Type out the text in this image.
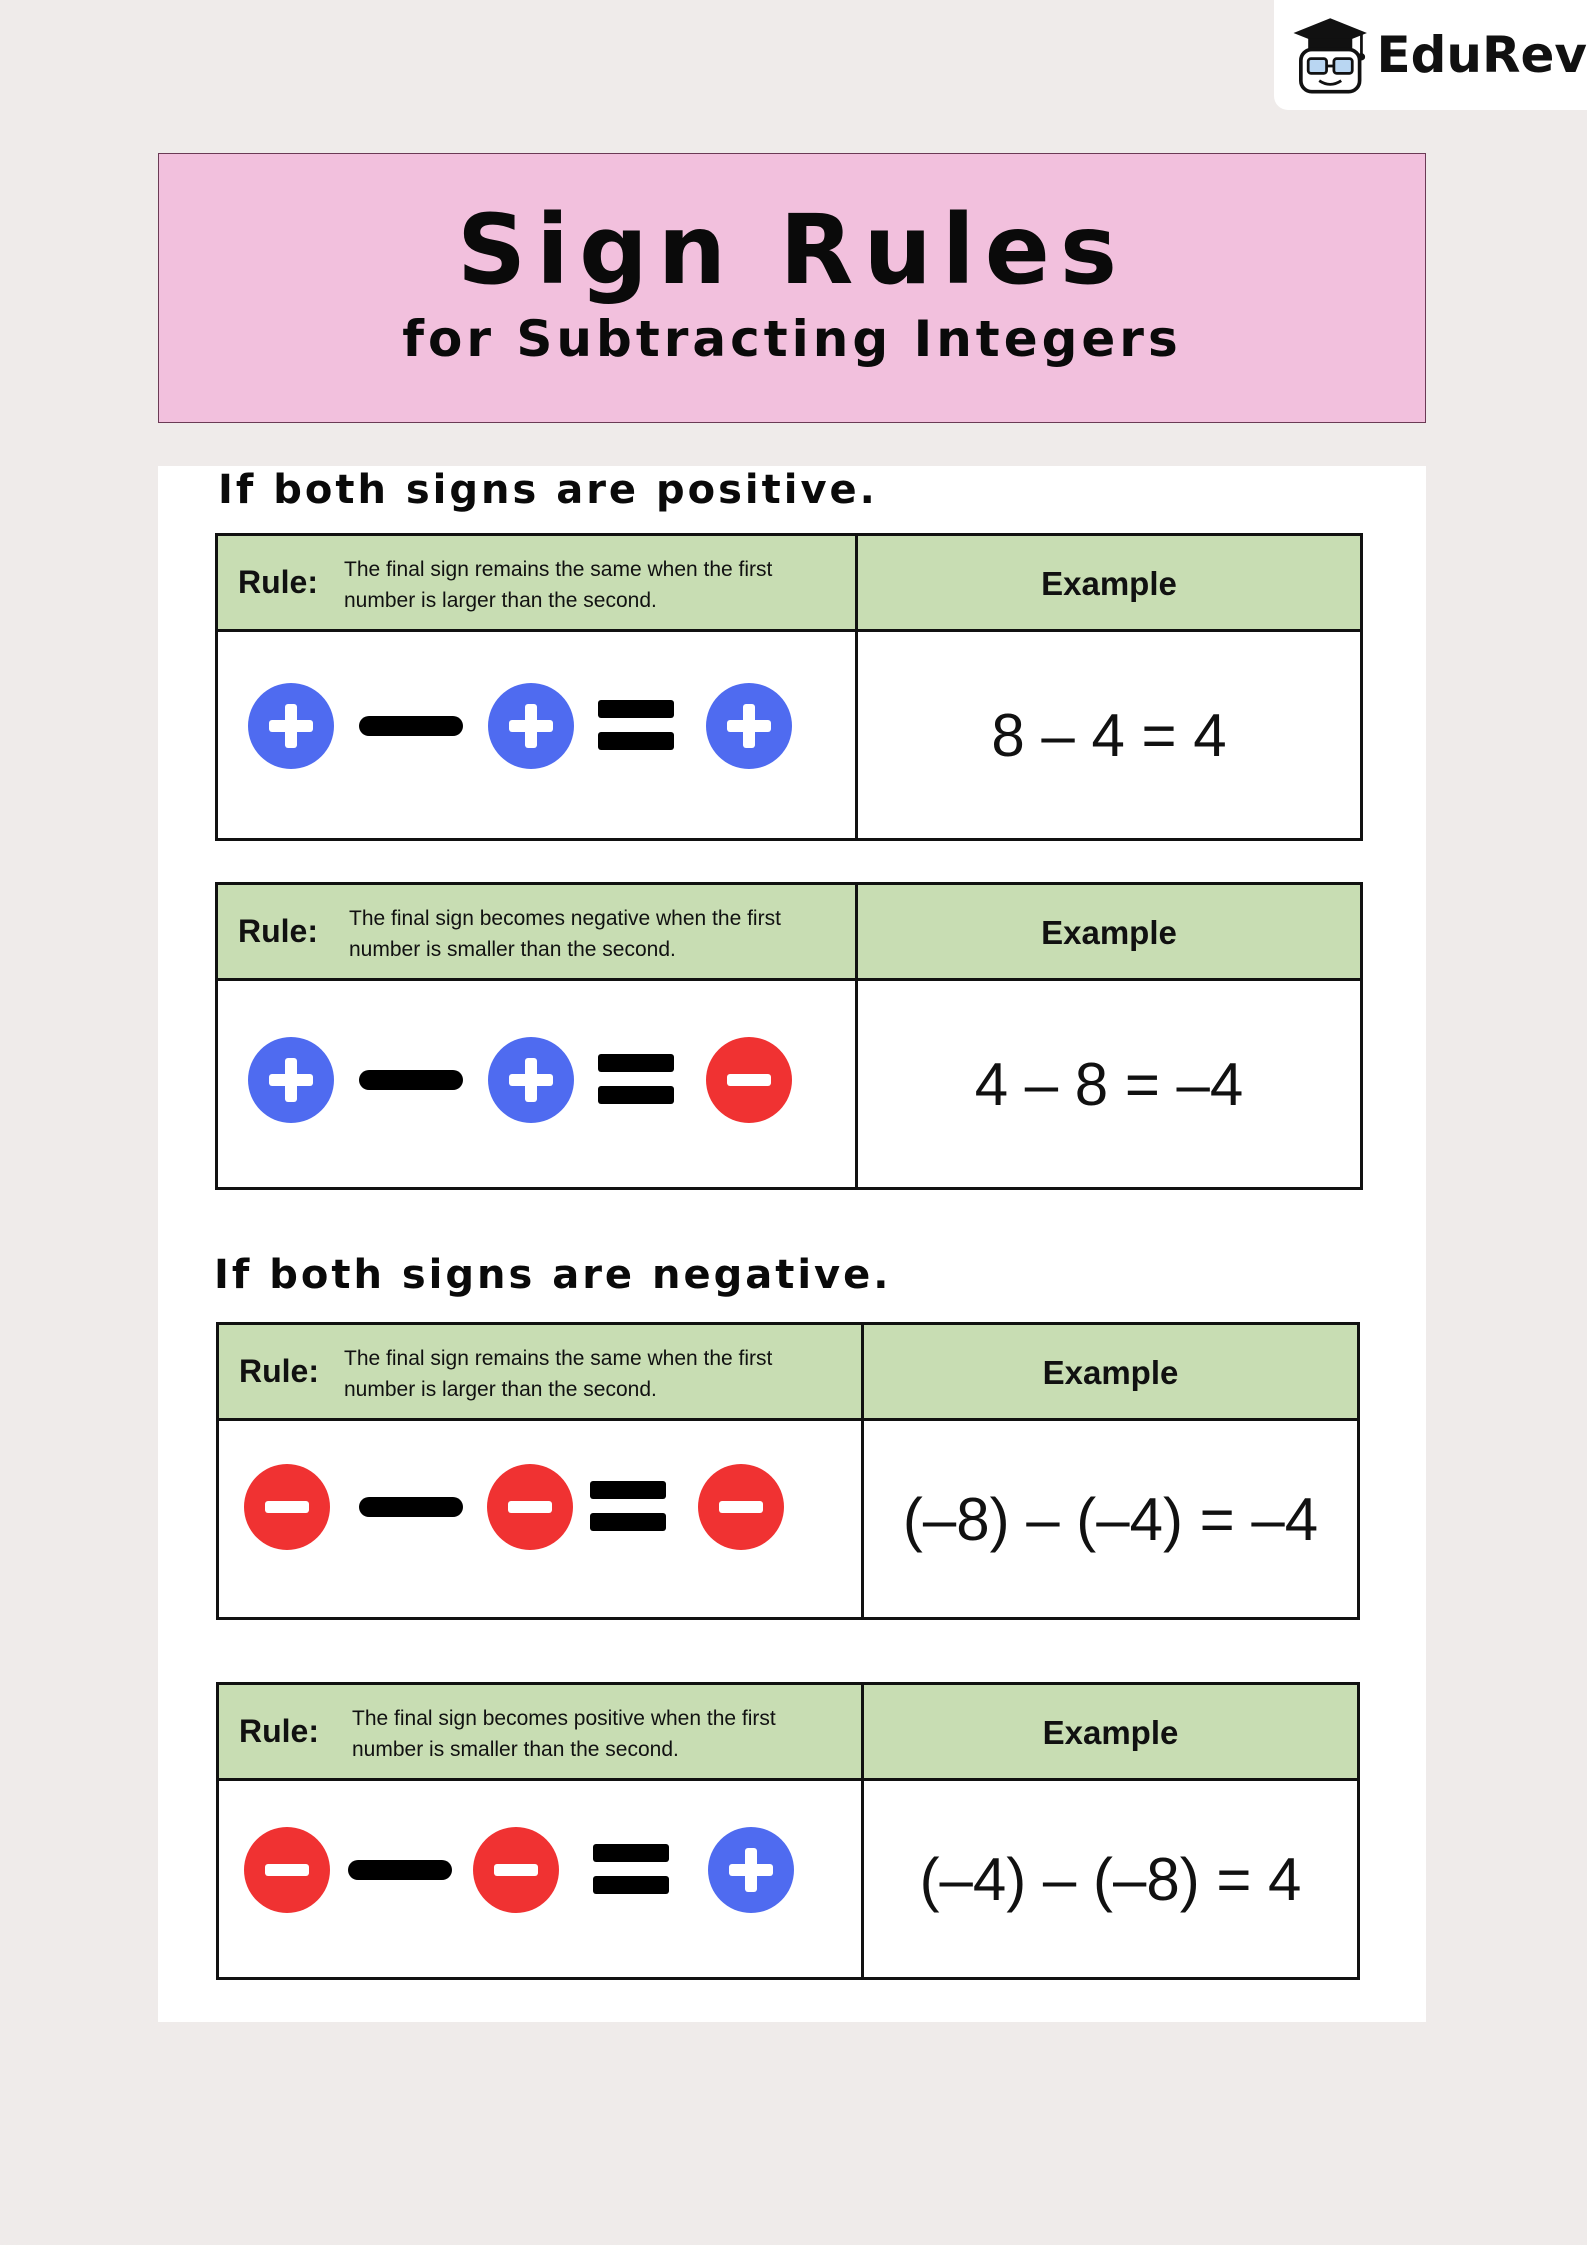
EduRev
Sign Rules
for Subtracting Integers
If both signs are positive.
Rule: The final sign remains the same when the first number is larger than the second.	Example
8 – 4 = 4
Rule: The final sign becomes negative when the first number is smaller than the second.	Example
4 – 8 = –4
If both signs are negative.
Rule: The final sign remains the same when the first number is larger than the second.	Example
(–8) – (–4) = –4
Rule: The final sign becomes positive when the first number is smaller than the second.	Example
(–4) – (–8) = 4
